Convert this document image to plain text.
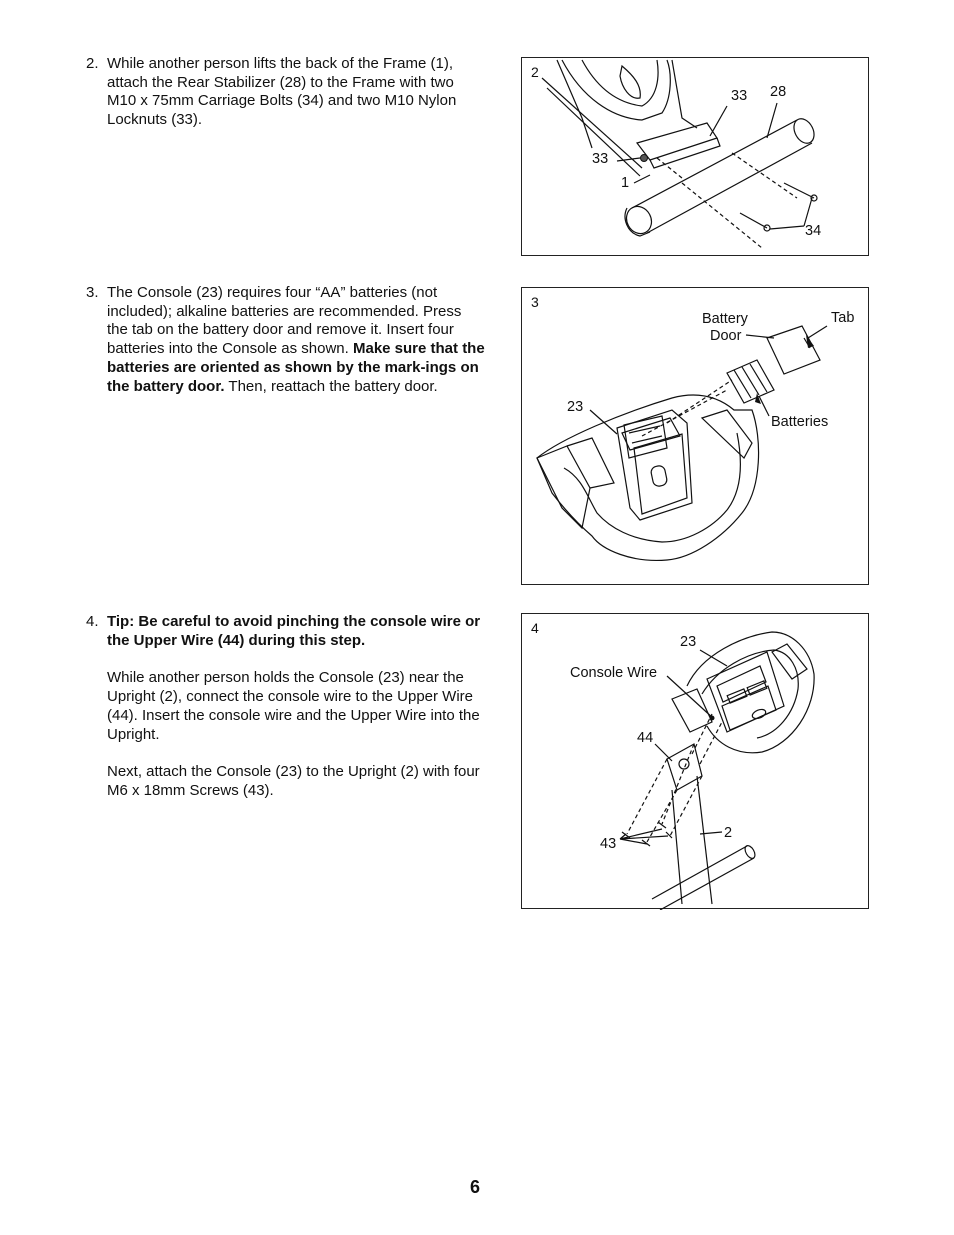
2. While another person lifts the back of the Frame (1), attach the Rear Stabilizer (28) to the Frame with two M10 x 75mm Carriage Bolts (34) and two M10 Nylon Locknuts (33).

2
33 28
33
1
34
3. The Console (23) requires four “AA” batteries (not included); alkaline batteries are recommended. Press the tab on the battery door and remove it. Insert four batteries into the Console as shown. Make sure that the batteries are oriented as shown by the mark-ings on the battery door. Then, reattach the battery door.

3
Battery
Door
Tab
23
Batteries
4. Tip: Be careful to avoid pinching the console wire or the Upper Wire (44) during this step.

While another person holds the Console (23) near the Upright (2), connect the console wire to the Upper Wire (44). Insert the console wire and the Upper Wire into the Upright.

Next, attach the Console (23) to the Upright (2) with four M6 x 18mm Screws (43).

4
23
Console Wire
44
2
43
6
